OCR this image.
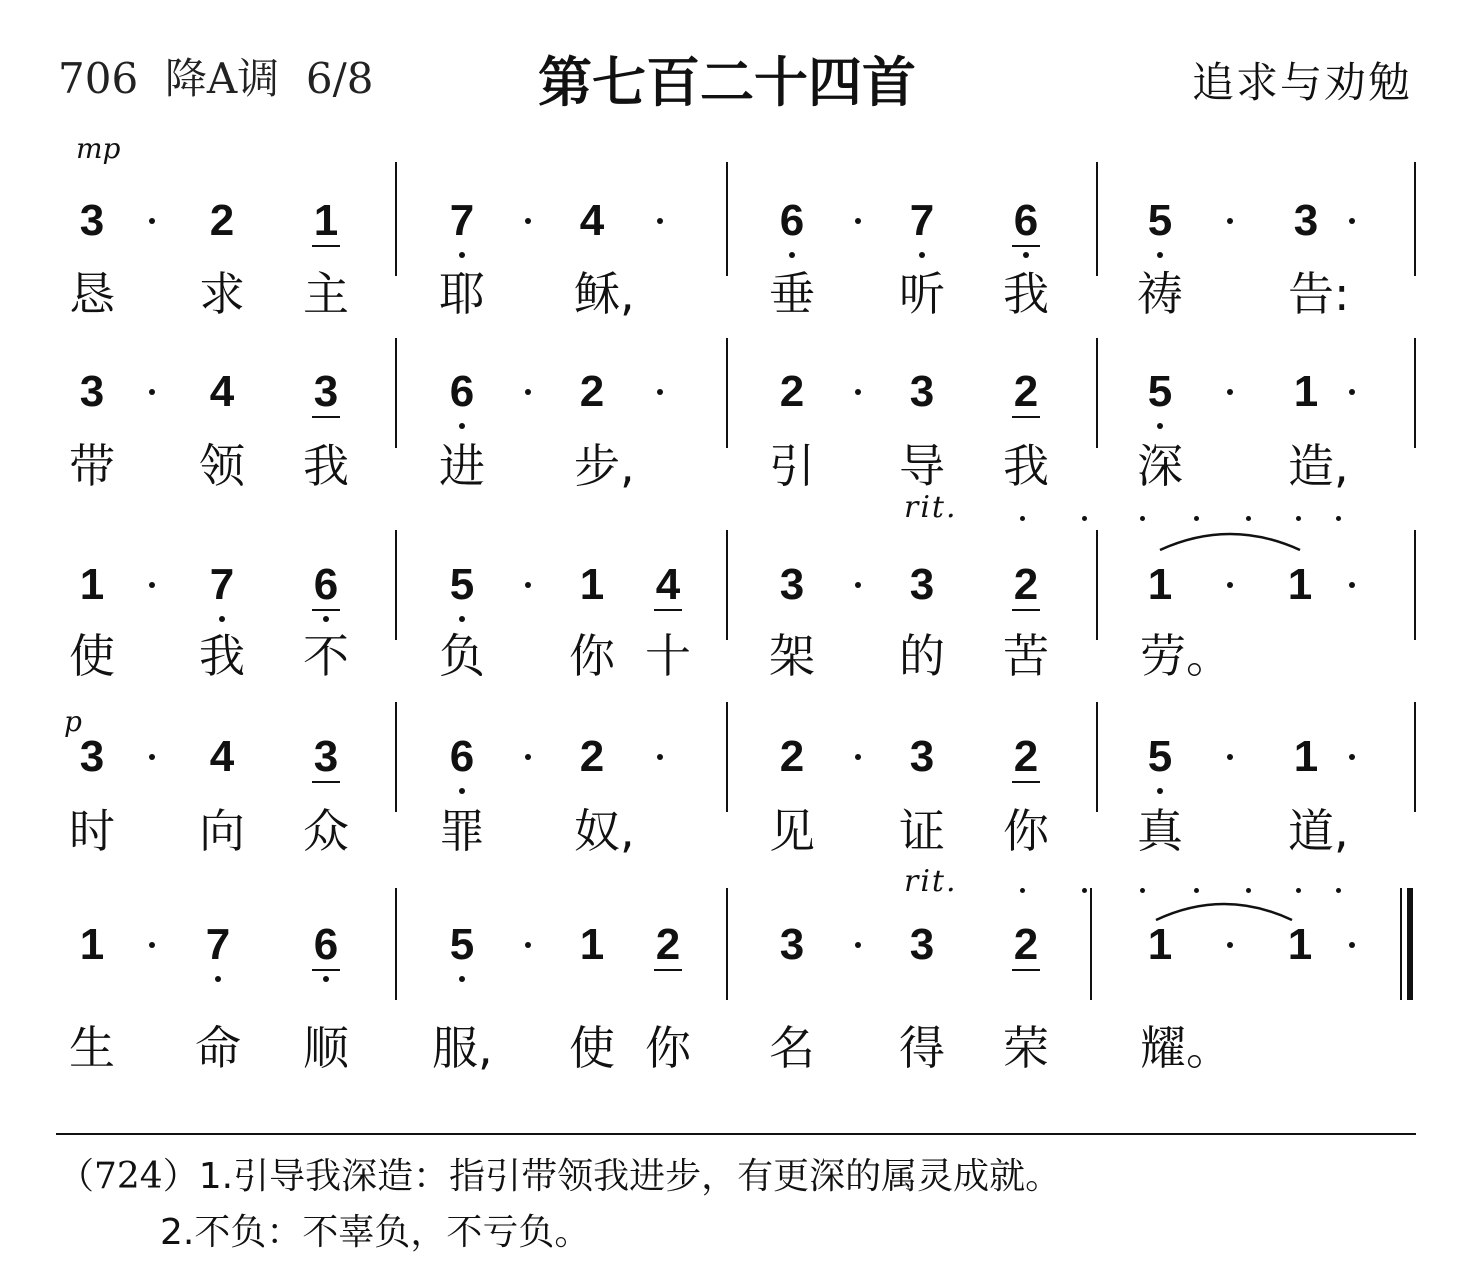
706 降A调 6/8	第七百二十四首	追求与劝勉
mp
p
rit.
rit.
3	2	1	7	4	6	7	6	5	3
恳 求 主 耶 稣,	垂 听 我 祷 告:
3	4	3	6	2	2	3	2	5	1
带 领 我 进 步,	引 导 我 深 造,
1	7	6	5	1	4	3	3	2	1	1
使 我 不 负 你 十 架 的 苦 劳。
3	4	3	6	2	2	3	2	5	1
时 向 众 罪 奴,	见 证 你 真 道,
1	7	6	5	1	2	3	3	2	1	1
生 命 顺 服, 使 你 名 得 荣 耀。
（724）1.引导我深造：指引带领我进步，有更深的属灵成就。
2.不负：不辜负，不亏负。
